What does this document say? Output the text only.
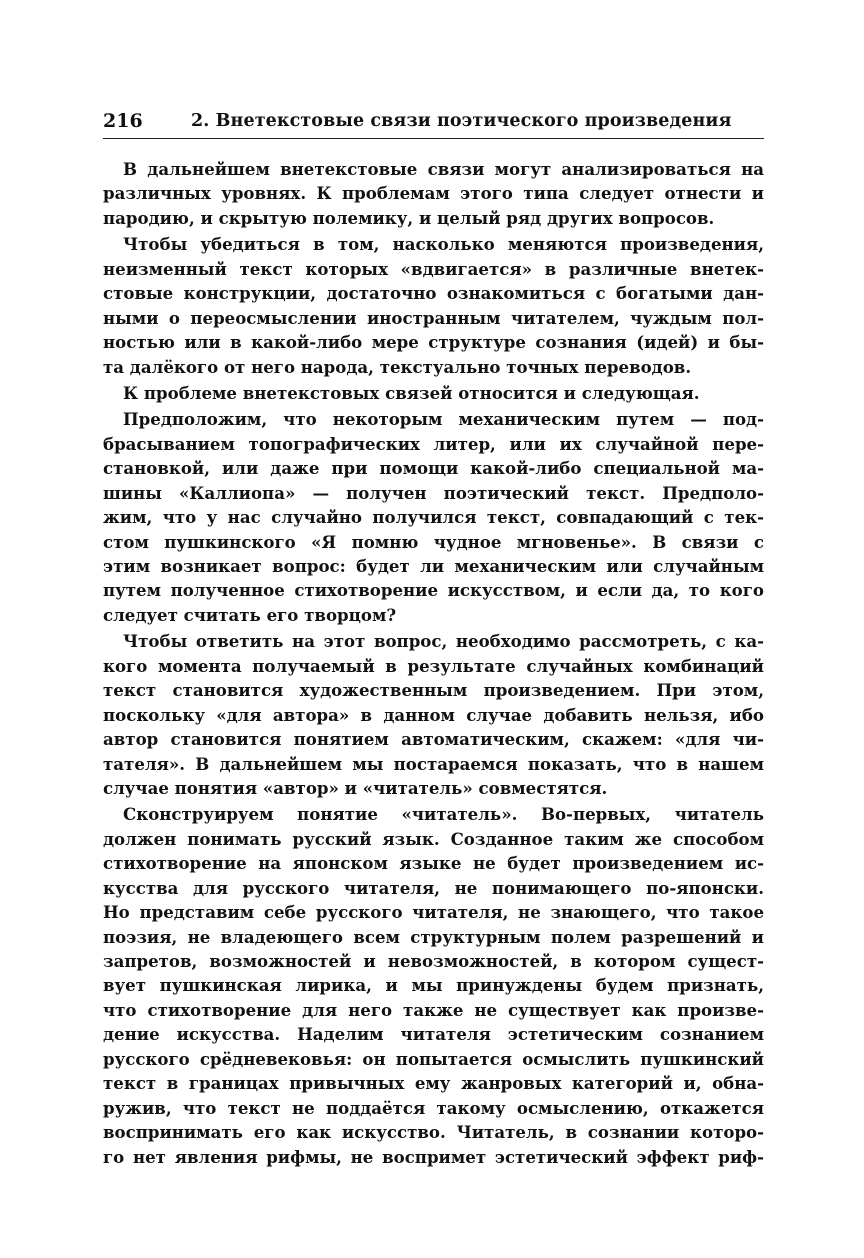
216	2. Внетекстовые связи поэтического произведения
В дальнейшем внетекстовые связи могут анализироваться на
различных уровнях. К проблемам этого типа следует отнести и
пародию, и скрытую полемику, и целый ряд других вопросов.
Чтобы убедиться в том, насколько меняются произведения,
неизменный текст которых «вдвигается» в различные внетек-
стовые конструкции, достаточно ознакомиться с богатыми дан-
ными о переосмыслении иностранным читателем, чуждым пол-
ностью или в какой-либо мере структуре сознания (идей) и бы-
та далёкого от него народа, текстуально точных переводов.
К проблеме внетекстовых связей относится и следующая.
Предположим, что некоторым механическим путем — под-
брасыванием топографических литер, или их случайной пере-
становкой, или даже при помощи какой-либо специальной ма-
шины «Каллиопа» — получен поэтический текст. Предполо-
жим, что у нас случайно получился текст, совпадающий с тек-
стом пушкинского «Я помню чудное мгновенье». В связи с
этим возникает вопрос: будет ли механическим или случайным
путем полученное стихотворение искусством, и если да, то кого
следует считать его творцом?
Чтобы ответить на этот вопрос, необходимо рассмотреть, с ка-
кого момента получаемый в результате случайных комбинаций
текст становится художественным произведением. При этом,
поскольку «для автора» в данном случае добавить нельзя, ибо
автор становится понятием автоматическим, скажем: «для чи-
тателя». В дальнейшем мы постараемся показать, что в нашем
случае понятия «автор» и «читатель» совместятся.
Сконструируем понятие «читатель». Во-первых, читатель
должен понимать русский язык. Созданное таким же способом
стихотворение на японском языке не будет произведением ис-
кусства для русского читателя, не понимающего по-японски.
Но представим себе русского читателя, не знающего, что такое
поэзия, не владеющего всем структурным полем разрешений и
запретов, возможностей и невозможностей, в котором сущест-
вует пушкинская лирика, и мы принуждены будем признать,
что стихотворение для него также не существует как произве-
дение искусства. Наделим читателя эстетическим сознанием
русского срёдневековья: он попытается осмыслить пушкинский
текст в границах привычных ему жанровых категорий и, обна-
ружив, что текст не поддаётся такому осмыслению, откажется
воспринимать его как искусство. Читатель, в сознании которо-
го нет явления рифмы, не воспримет эстетический эффект риф-
